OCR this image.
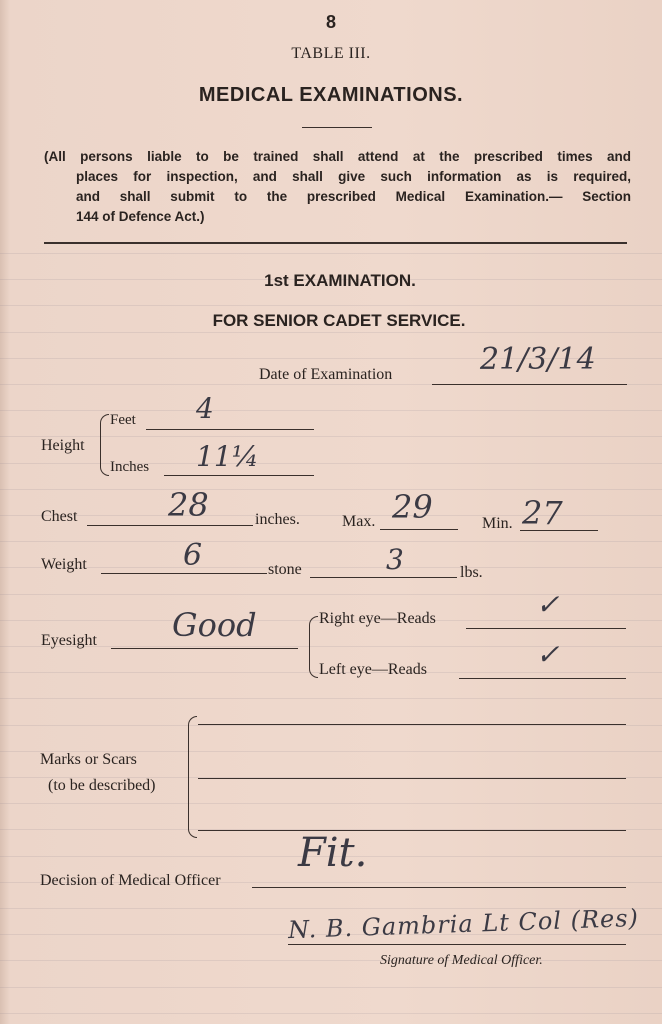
8
TABLE III.
MEDICAL EXAMINATIONS.
(All persons liable to be trained shall attend at the prescribed times and
places for inspection, and shall give such information as is required,
and shall submit to the prescribed Medical Examination.— Section
144 of Defence Act.)
1st EXAMINATION.
FOR SENIOR CADET SERVICE.
Date of Examination	21/3/14
Height
Feet 4
Inches 11¼
Chest	28	inches.	Max. 29	Min. 27
Weight	6	stone	3	lbs.
Eyesight Good	Right eye—Reads	✓
Left eye—Reads	✓
Marks or Scars
(to be described)
Decision of Medical Officer
Fit.
N. B. Gambria Lt Col (Res)
Signature of Medical Officer.
